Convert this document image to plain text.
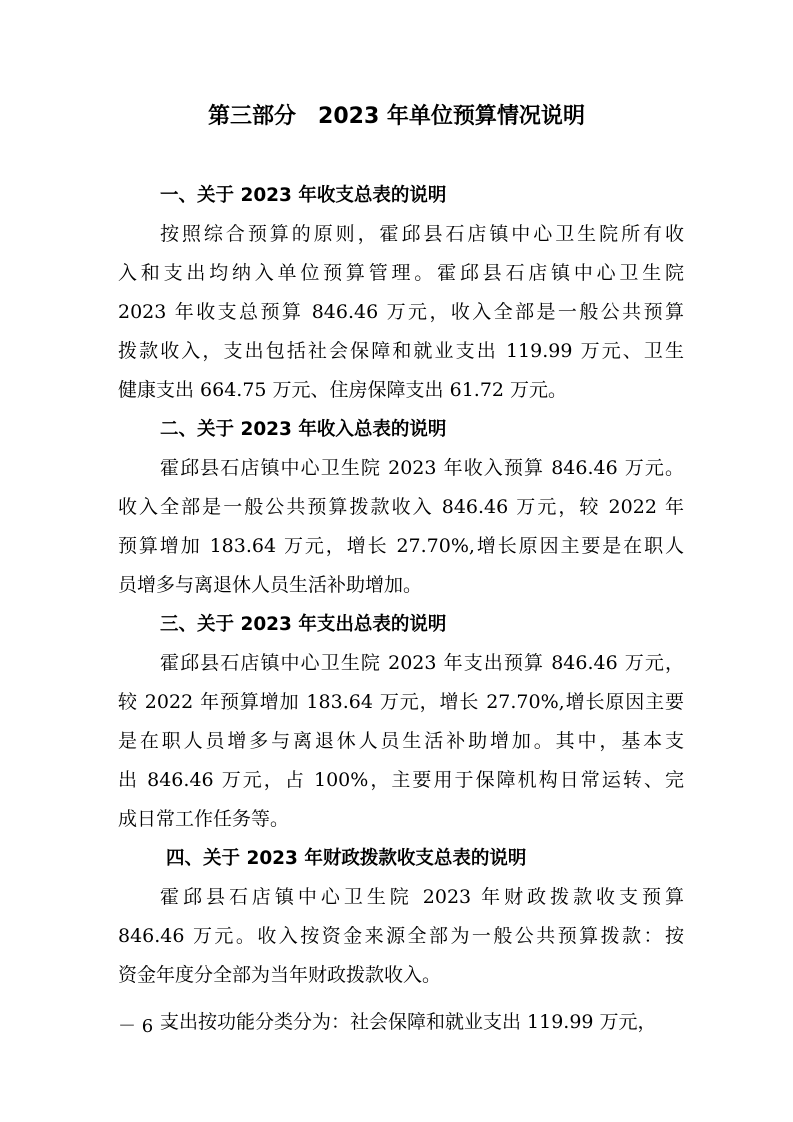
第三部分　2023 年单位预算情况说明
一、关于 2023 年收支总表的说明

按照综合预算的原则，霍邱县石店镇中心卫生院所有收
入和支出均纳入单位预算管理。霍邱县石店镇中心卫生院
2023 年收支总预算 846.46 万元，收入全部是一般公共预算
拨款收入，支出包括社会保障和就业支出 119.99 万元、卫生
健康支出 664.75 万元、住房保障支出 61.72 万元。

二、关于 2023 年收入总表的说明

霍邱县石店镇中心卫生院 2023 年收入预算 846.46 万元。
收入全部是一般公共预算拨款收入 846.46 万元，较 2022 年
预算增加 183.64 万元，增长 27.70%,增长原因主要是在职人
员增多与离退休人员生活补助增加。

三、关于 2023 年支出总表的说明

霍邱县石店镇中心卫生院 2023 年支出预算 846.46 万元，
较 2022 年预算增加 183.64 万元，增长 27.70%,增长原因主要
是在职人员增多与离退休人员生活补助增加。其中，基本支
出 846.46 万元，占 100%，主要用于保障机构日常运转、完
成日常工作任务等。

四、关于 2023 年财政拨款收支总表的说明

霍邱县石店镇中心卫生院 2023 年财政拨款收支预算
846.46 万元。收入按资金来源全部为一般公共预算拨款：按
资金年度分全部为当年财政拨款收入。

支出按功能分类分为：社会保障和就业支出 119.99 万元，

－ 6 －
